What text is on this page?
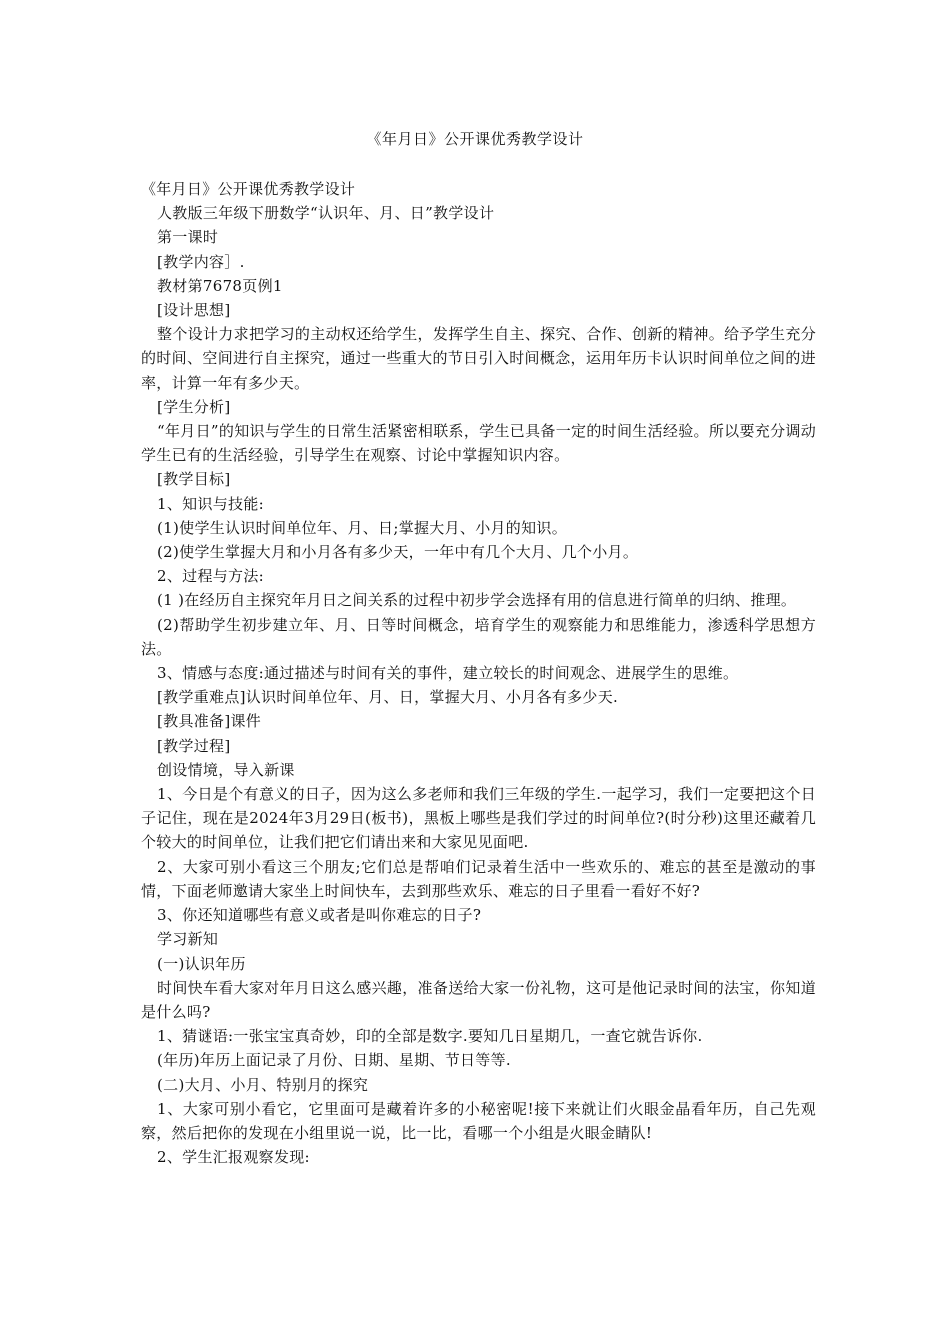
《年月日》公开课优秀教学设计

《年月日》公开课优秀教学设计

人教版三年级下册数学“认识年、月、日”教学设计

第一课时

[教学内容］.

教材第7678页例1

[设计思想]

整个设计力求把学习的主动权还给学生，发挥学生自主、探究、合作、创新的精神。给予学生充分的时间、空间进行自主探究，通过一些重大的节日引入时间概念，运用年历卡认识时间单位之间的进率，计算一年有多少天。

[学生分析]

“年月日”的知识与学生的日常生活紧密相联系，学生已具备一定的时间生活经验。所以要充分调动学生已有的生活经验，引导学生在观察、讨论中掌握知识内容。

[教学目标]

1、知识与技能:

(1)使学生认识时间单位年、月、日;掌握大月、小月的知识。

(2)使学生掌握大月和小月各有多少天，一年中有几个大月、几个小月。

2、过程与方法:

(1 )在经历自主探究年月日之间关系的过程中初步学会选择有用的信息进行简单的归纳、推理。

(2)帮助学生初步建立年、月、日等时间概念，培育学生的观察能力和思维能力，渗透科学思想方法。

3、情感与态度:通过描述与时间有关的事件，建立较长的时间观念、进展学生的思维。

[教学重难点]认识时间单位年、月、日，掌握大月、小月各有多少天.

[教具准备]课件

[教学过程]

创设情境，导入新课

1、今日是个有意义的日子，因为这么多老师和我们三年级的学生.一起学习，我们一定要把这个日子记住，现在是2024年3月29日(板书)，黑板上哪些是我们学过的时间单位?(时分秒)这里还藏着几个较大的时间单位，让我们把它们请出来和大家见见面吧.

2、大家可别小看这三个朋友;它们总是帮咱们记录着生活中一些欢乐的、难忘的甚至是激动的事情，下面老师邀请大家坐上时间快车，去到那些欢乐、难忘的日子里看一看好不好?

3、你还知道哪些有意义或者是叫你难忘的日子?

学习新知

(一)认识年历

时间快车看大家对年月日这么感兴趣，准备送给大家一份礼物，这可是他记录时间的法宝，你知道是什么吗?

1、猜谜语:一张宝宝真奇妙，印的全部是数字.要知几日星期几，一查它就告诉你.

(年历)年历上面记录了月份、日期、星期、节日等等.

(二)大月、小月、特别月的探究

1、大家可别小看它，它里面可是藏着许多的小秘密呢!接下来就让们火眼金晶看年历，自己先观察，然后把你的发现在小组里说一说，比一比，看哪一个小组是火眼金睛队!

2、学生汇报观察发现:
